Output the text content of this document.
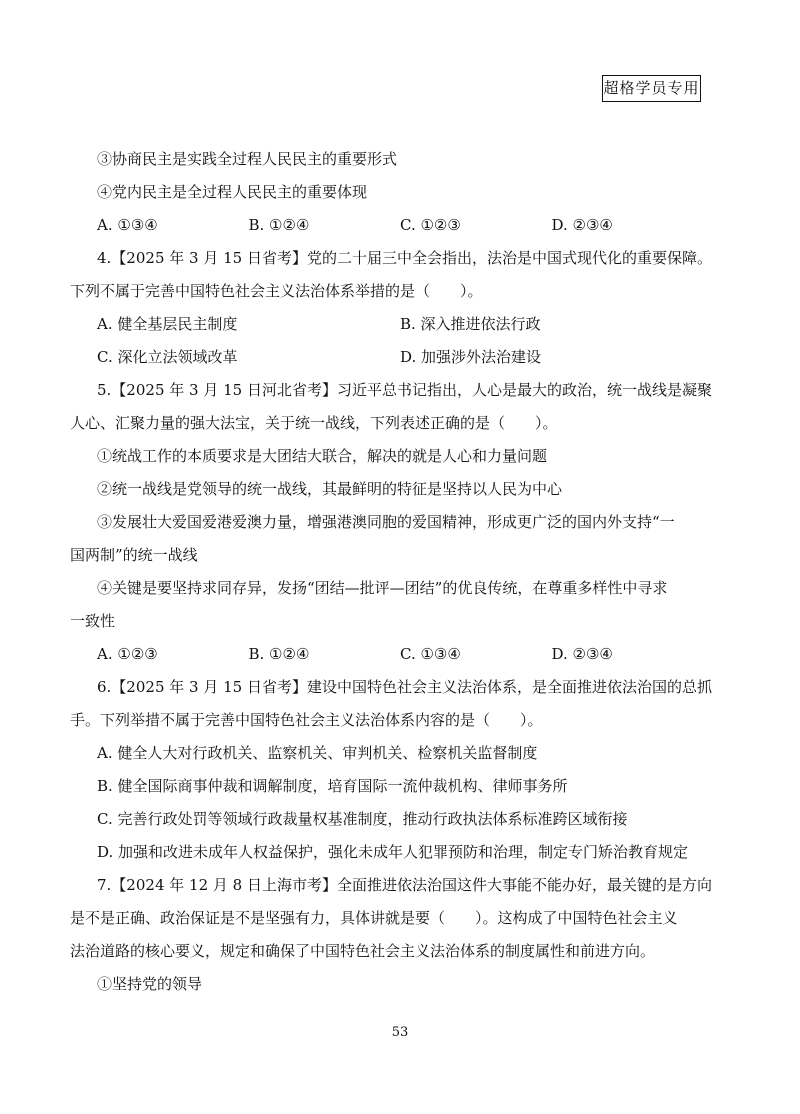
超格学员专用
③协商民主是实践全过程人民民主的重要形式
④党内民主是全过程人民民主的重要体现
A. ①③④	B. ①②④	C. ①②③	D. ②③④
4.【2025 年 3 月 15 日省考】党的二十届三中全会指出，法治是中国式现代化的重要保障。
下列不属于完善中国特色社会主义法治体系举措的是（　　）。
A. 健全基层民主制度	B. 深入推进依法行政
C. 深化立法领域改革	D. 加强涉外法治建设
5.【2025 年 3 月 15 日河北省考】习近平总书记指出，人心是最大的政治，统一战线是凝聚
人心、汇聚力量的强大法宝，关于统一战线，下列表述正确的是（　　）。
①统战工作的本质要求是大团结大联合，解决的就是人心和力量问题
②统一战线是党领导的统一战线，其最鲜明的特征是坚持以人民为中心
③发展壮大爱国爱港爱澳力量，增强港澳同胞的爱国精神，形成更广泛的国内外支持“一
国两制”的统一战线
④关键是要坚持求同存异，发扬“团结—批评—团结”的优良传统，在尊重多样性中寻求
一致性
A. ①②③	B. ①②④	C. ①③④	D. ②③④
6.【2025 年 3 月 15 日省考】建设中国特色社会主义法治体系，是全面推进依法治国的总抓
手。下列举措不属于完善中国特色社会主义法治体系内容的是（　　）。
A. 健全人大对行政机关、监察机关、审判机关、检察机关监督制度
B. 健全国际商事仲裁和调解制度，培育国际一流仲裁机构、律师事务所
C. 完善行政处罚等领域行政裁量权基准制度，推动行政执法体系标准跨区域衔接
D. 加强和改进未成年人权益保护，强化未成年人犯罪预防和治理，制定专门矫治教育规定
7.【2024 年 12 月 8 日上海市考】全面推进依法治国这件大事能不能办好，最关键的是方向
是不是正确、政治保证是不是坚强有力，具体讲就是要（　　）。这构成了中国特色社会主义
法治道路的核心要义，规定和确保了中国特色社会主义法治体系的制度属性和前进方向。
①坚持党的领导
53
